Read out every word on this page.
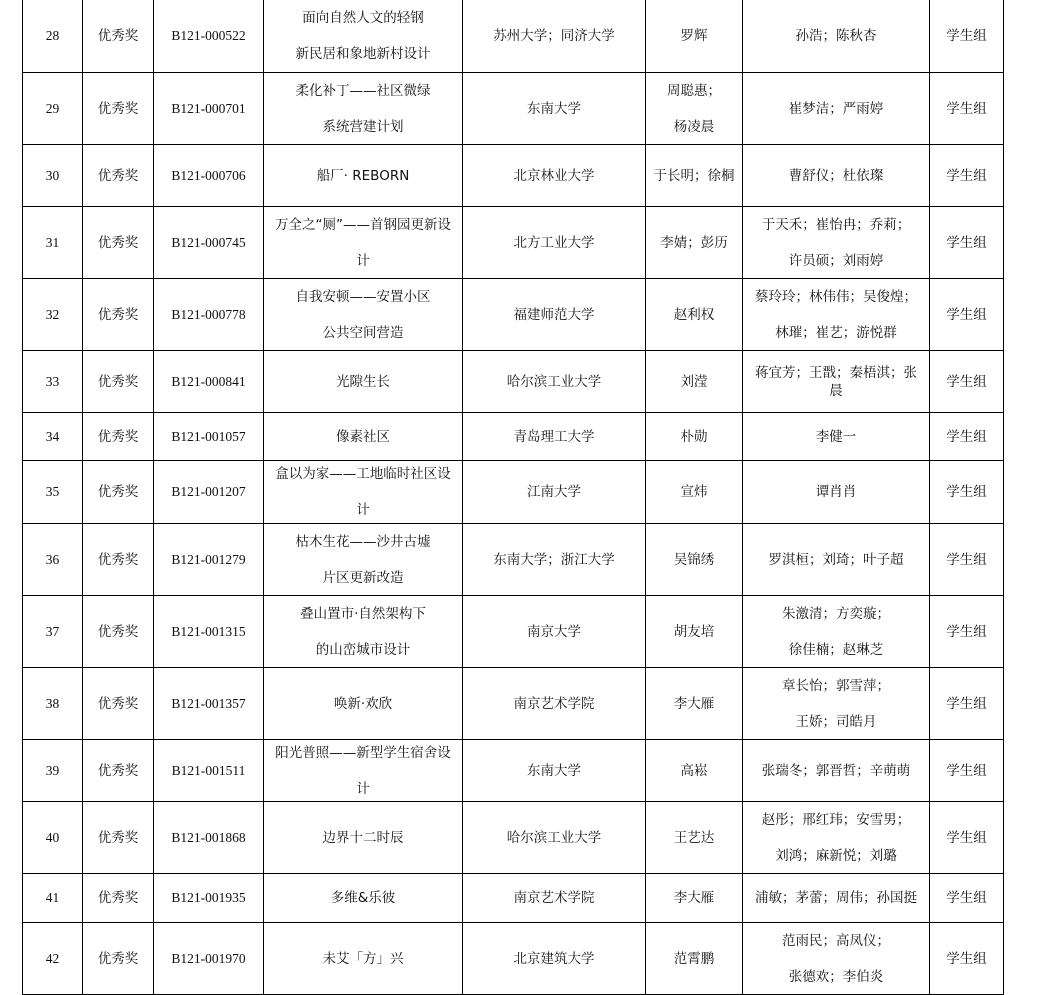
28	优秀奖	B121-000522	面向自然人文的轻钢
新民居和象地新村设计	苏州大学；同济大学	罗辉	孙浩；陈秋杏	学生组
29	优秀奖	B121-000701	柔化补丁——社区微绿
系统营建计划	东南大学	周聪惠；
杨凌晨	崔梦洁；严雨婷	学生组
30	优秀奖	B121-000706	船厂· REBORN	北京林业大学	于长明；徐桐	曹舒仪；杜依璨	学生组
31	优秀奖	B121-000745	万全之“厕”——首钢园更新设
计	北方工业大学	李婧；彭历	于天禾；崔怡冉；乔莉；
许员硕；刘雨婷	学生组
32	优秀奖	B121-000778	自我安顿——安置小区
公共空间营造	福建师范大学	赵利权	蔡玲玲；林伟伟；吴俊煌；
林璀；崔艺；游悦群	学生组
33	优秀奖	B121-000841	光隙生长	哈尔滨工业大学	刘滢	蒋宜芳；王戬；秦梧淇；张晨	学生组
34	优秀奖	B121-001057	像素社区	青岛理工大学	朴勋	李健一	学生组
35	优秀奖	B121-001207	盒以为家——工地临时社区设
计	江南大学	宣炜	谭肖肖	学生组
36	优秀奖	B121-001279	枯木生花——沙井古墟
片区更新改造	东南大学；浙江大学	吴锦绣	罗淇桓；刘琦；叶子超	学生组
37	优秀奖	B121-001315	叠山置市·自然架构下
的山峦城市设计	南京大学	胡友培	朱激清；方奕璇；
徐佳楠；赵琳芝	学生组
38	优秀奖	B121-001357	唤新·欢欣	南京艺术学院	李大雁	章长怡；郭雪萍；
王娇；司皓月	学生组
39	优秀奖	B121-001511	阳光普照——新型学生宿舍设
计	东南大学	高崧	张瑞冬；郭晋哲；辛萌萌	学生组
40	优秀奖	B121-001868	边界十二时辰	哈尔滨工业大学	王艺达	赵彤；邢红玮；安雪男；
刘鸿；麻新悦；刘璐	学生组
41	优秀奖	B121-001935	多维&乐彼	南京艺术学院	李大雁	浦敏；茅蕾；周伟；孙国挺	学生组
42	优秀奖	B121-001970	未艾「方」兴	北京建筑大学	范霄鹏	范雨民；高凤仪；
张德欢；李伯炎	学生组
